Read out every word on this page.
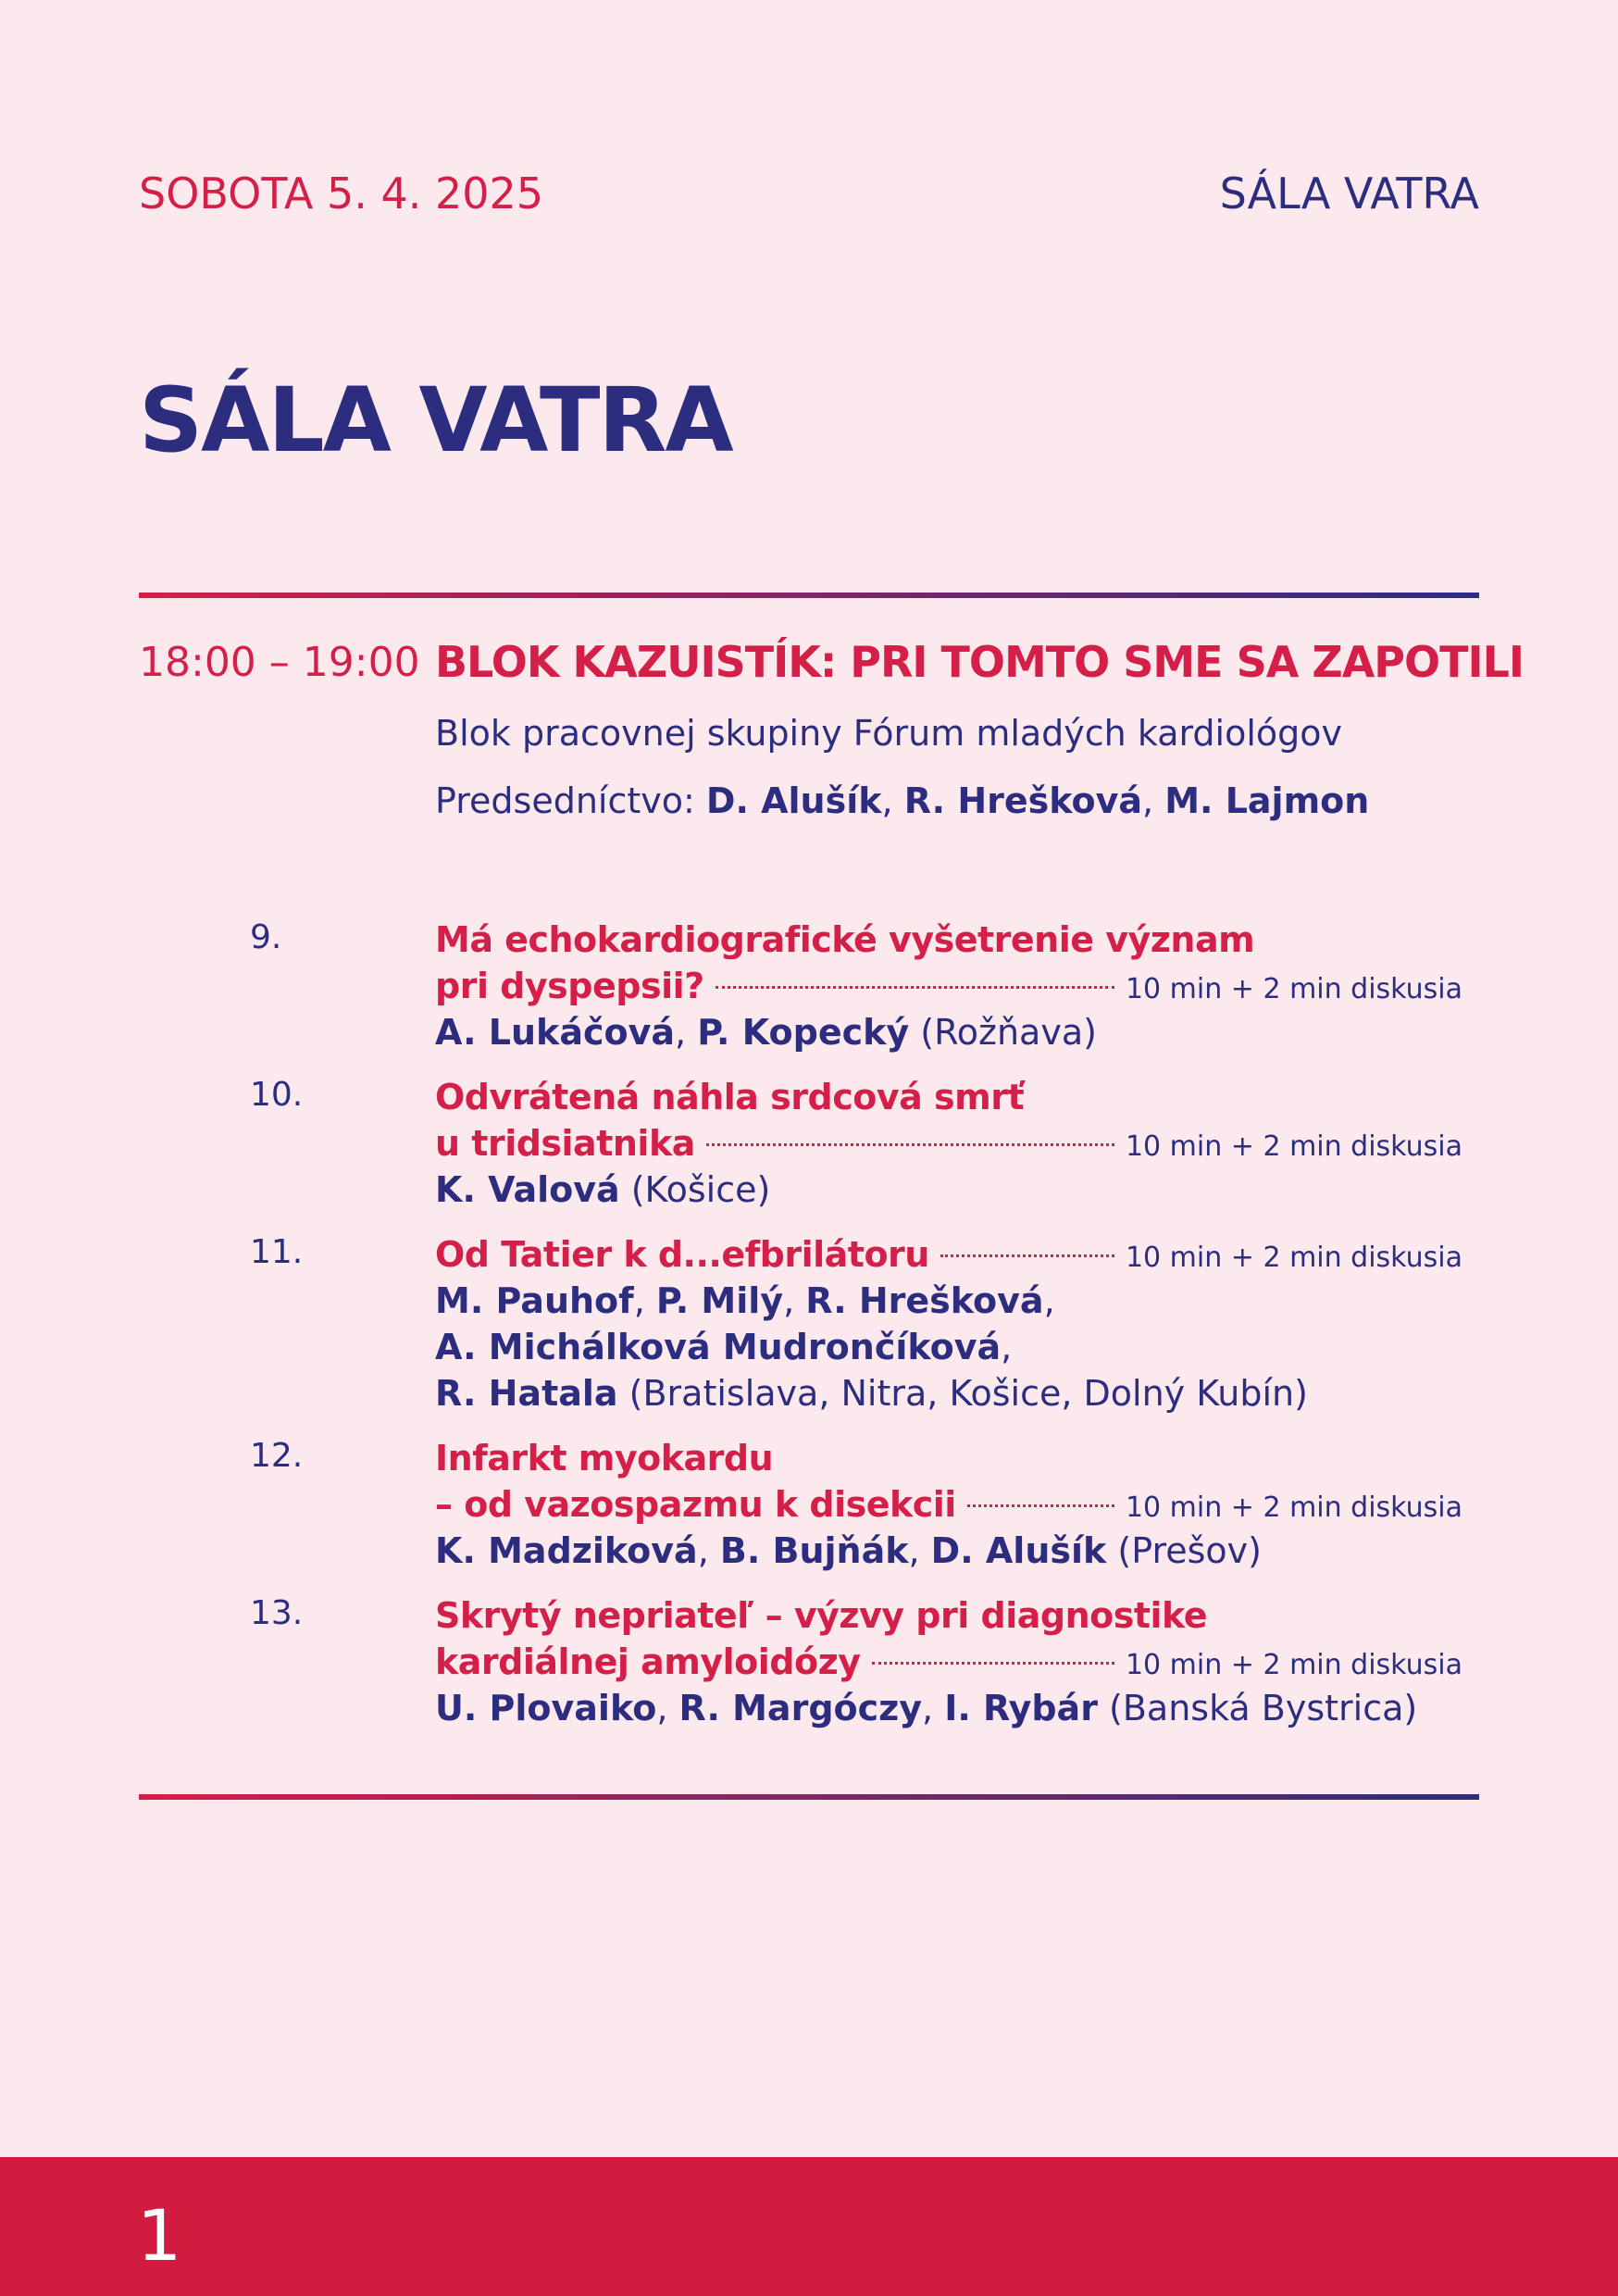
SOBOTA 5. 4. 2025	SÁLA VATRA
SÁLA VATRA
18:00 – 19:00 BLOK KAZUISTÍK: PRI TOMTO SME SA ZAPOTILI
Blok pracovnej skupiny Fórum mladých kardiológov
Predsedníctvo: D. Alušík, R. Hrešková, M. Lajmon
9.	Má echokardiografické vyšetrenie význam
pri dyspepsii?	10 min + 2 min diskusia
A. Lukáčová, P. Kopecký (Rožňava)
10.	Odvrátená náhla srdcová smrť
u tridsiatnika	10 min + 2 min diskusia
K. Valová (Košice)
11.	Od Tatier k d...efbrilátoru	10 min + 2 min diskusia
M. Pauhof, P. Milý, R. Hrešková,
A. Michálková Mudrončíková,
R. Hatala (Bratislava, Nitra, Košice, Dolný Kubín)
12.	Infarkt myokardu
– od vazospazmu k disekcii	10 min + 2 min diskusia
K. Madziková, B. Bujňák, D. Alušík (Prešov)
13.	Skrytý nepriateľ – výzvy pri diagnostike
kardiálnej amyloidózy	10 min + 2 min diskusia
U. Plovaiko, R. Margóczy, I. Rybár (Banská Bystrica)
1
